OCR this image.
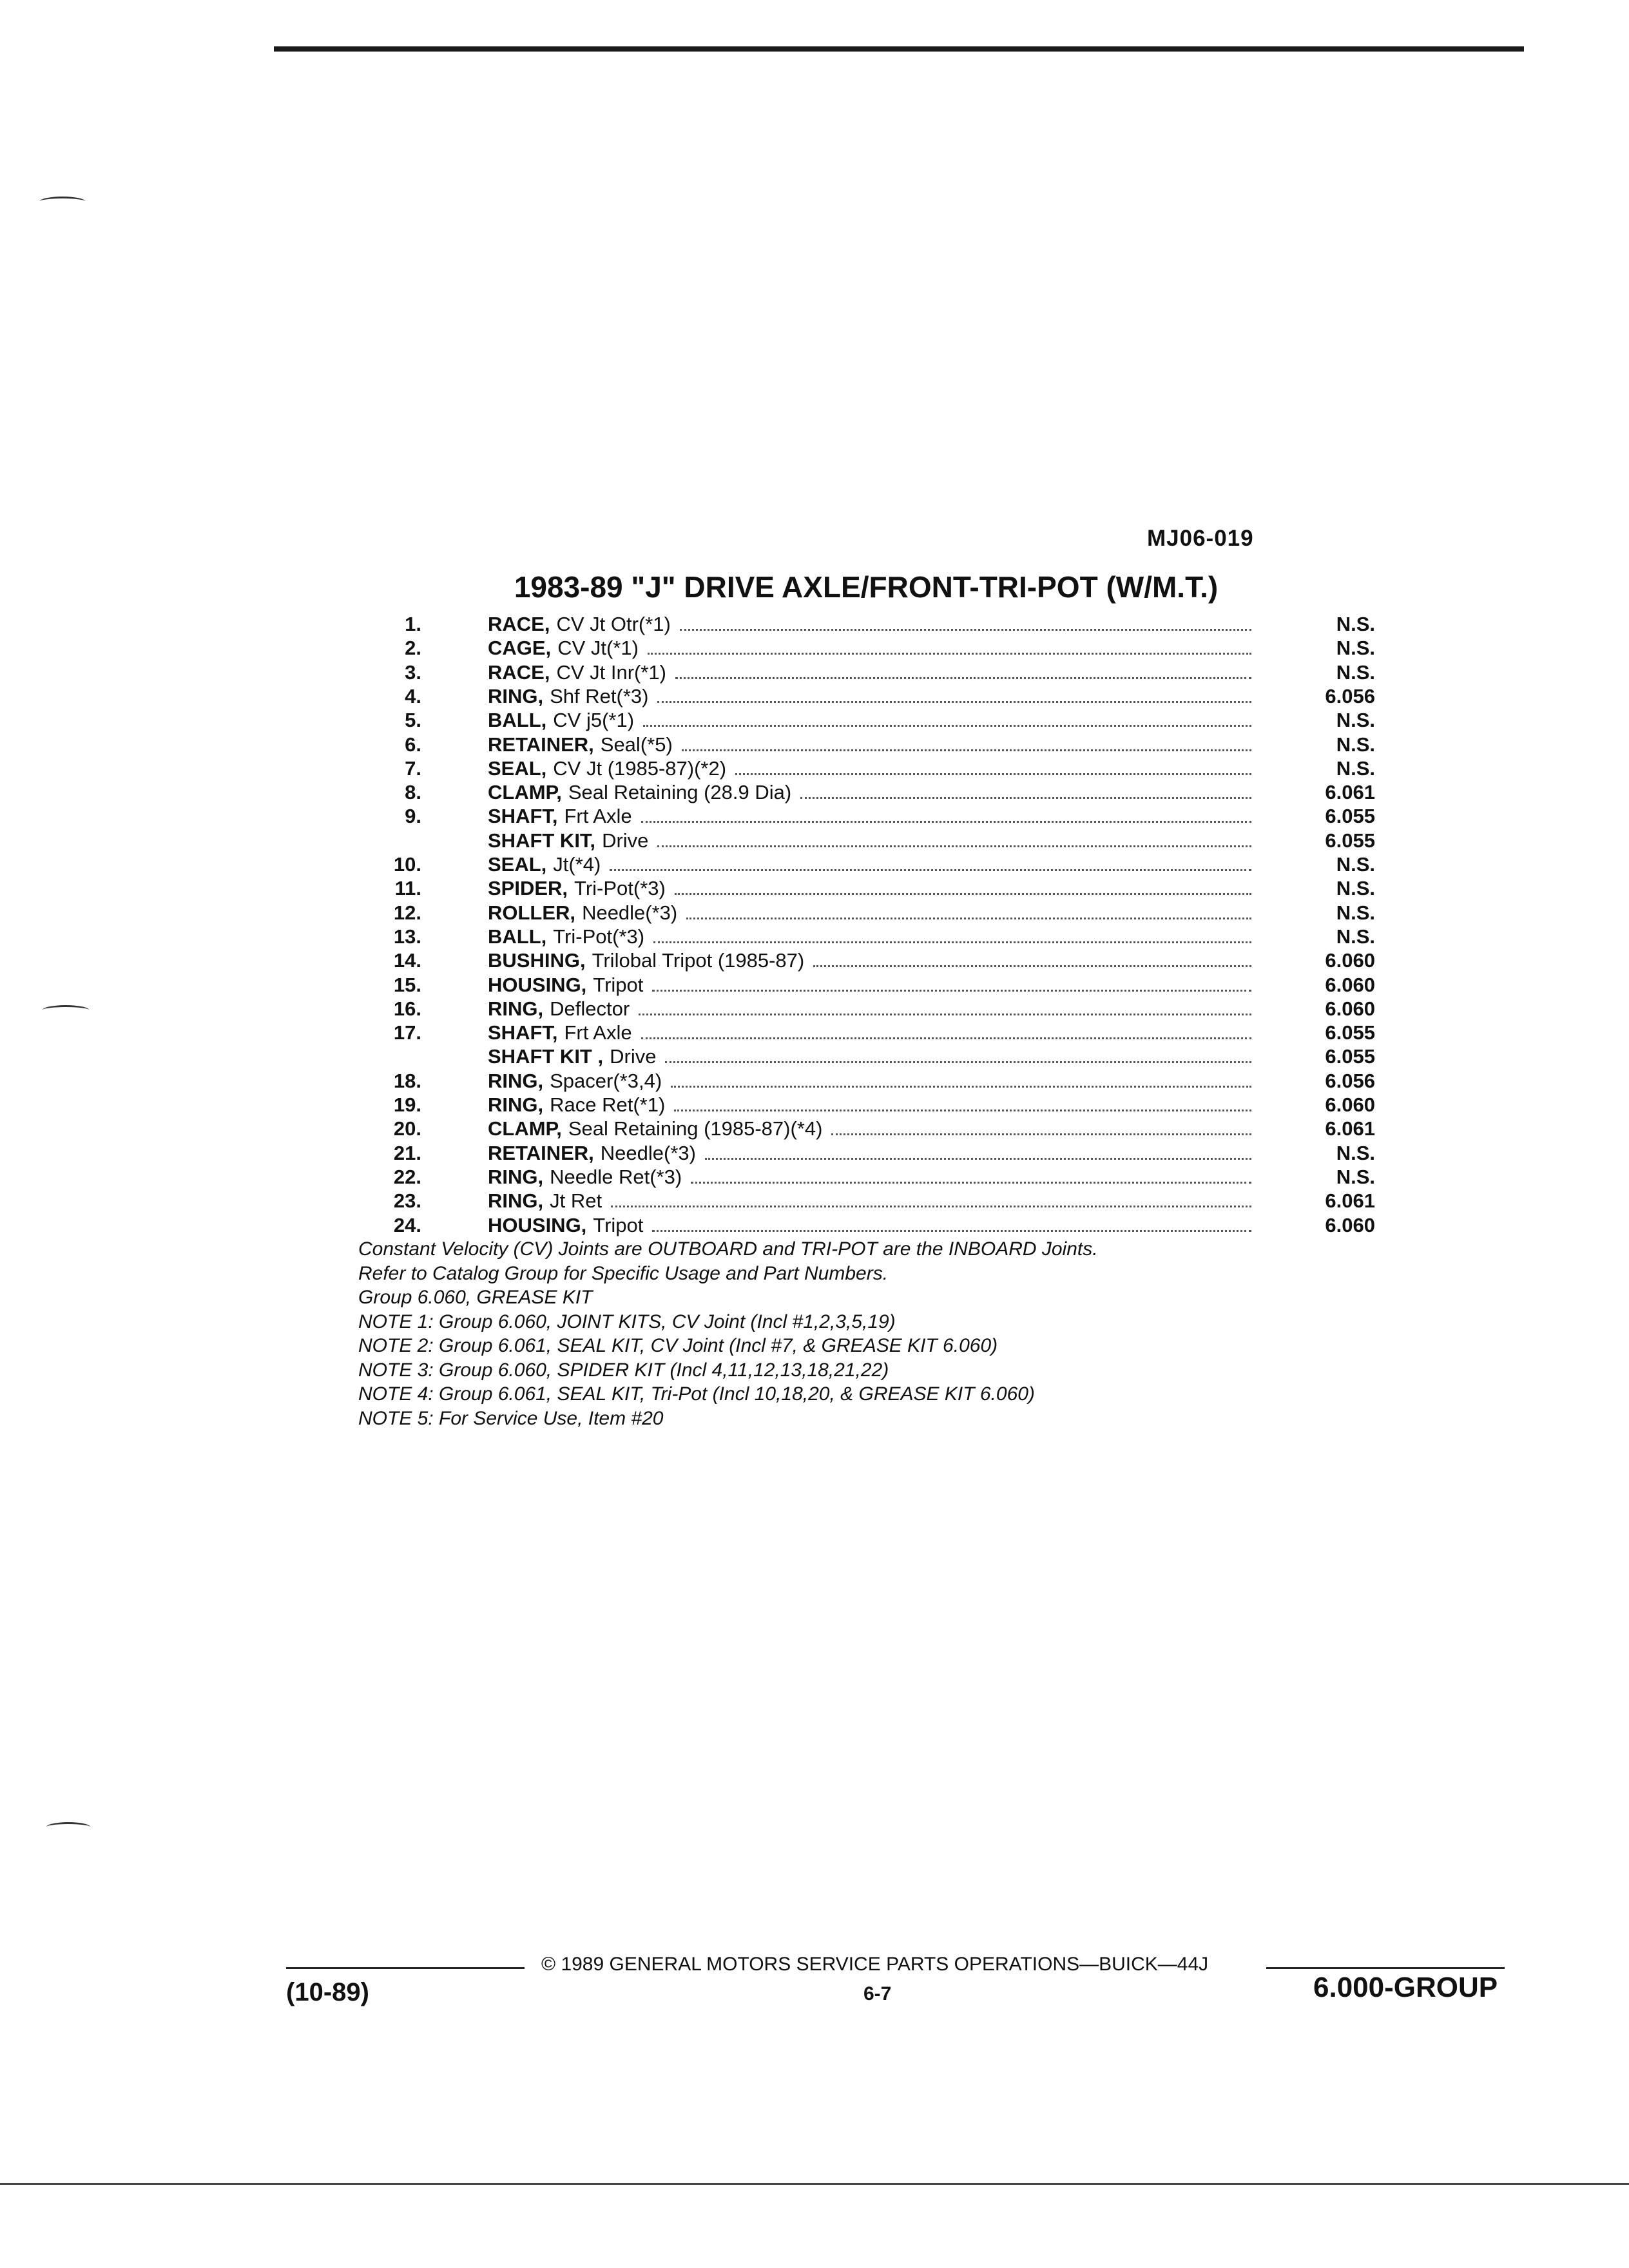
MJ06-019
1983-89 "J" DRIVE AXLE/FRONT-TRI-POT (W/M.T.)
1.	RACE, CV Jt Otr(*1)	N.S.
2.	CAGE, CV Jt(*1)	N.S.
3.	RACE, CV Jt Inr(*1)	N.S.
4.	RING, Shf Ret(*3)	6.056
5.	BALL, CV j5(*1)	N.S.
6.	RETAINER, Seal(*5)	N.S.
7.	SEAL, CV Jt (1985-87)(*2)	N.S.
8.	CLAMP, Seal Retaining (28.9 Dia)	6.061
9.	SHAFT, Frt Axle	6.055
SHAFT KIT, Drive	6.055
10.	SEAL, Jt(*4)	N.S.
11.	SPIDER, Tri-Pot(*3)	N.S.
12.	ROLLER, Needle(*3)	N.S.
13.	BALL, Tri-Pot(*3)	N.S.
14.	BUSHING, Trilobal Tripot (1985-87)	6.060
15.	HOUSING, Tripot	6.060
16.	RING, Deflector	6.060
17.	SHAFT, Frt Axle	6.055
SHAFT KIT , Drive	6.055
18.	RING, Spacer(*3,4)	6.056
19.	RING, Race Ret(*1)	6.060
20.	CLAMP, Seal Retaining (1985-87)(*4)	6.061
21.	RETAINER, Needle(*3)	N.S.
22.	RING, Needle Ret(*3)	N.S.
23.	RING, Jt Ret	6.061
24.	HOUSING, Tripot	6.060
Constant Velocity (CV) Joints are OUTBOARD and TRI-POT are the INBOARD Joints.
Refer to Catalog Group for Specific Usage and Part Numbers.
Group 6.060, GREASE KIT
NOTE 1: Group 6.060, JOINT KITS, CV Joint (Incl #1,2,3,5,19)
NOTE 2: Group 6.061, SEAL KIT, CV Joint (Incl #7, & GREASE KIT 6.060)
NOTE 3: Group 6.060, SPIDER KIT (Incl 4,11,12,13,18,21,22)
NOTE 4: Group 6.061, SEAL KIT, Tri-Pot (Incl 10,18,20, & GREASE KIT 6.060)
NOTE 5: For Service Use, Item #20
© 1989 GENERAL MOTORS SERVICE PARTS OPERATIONS—BUICK—44J
(10-89)	6-7	6.000-GROUP
